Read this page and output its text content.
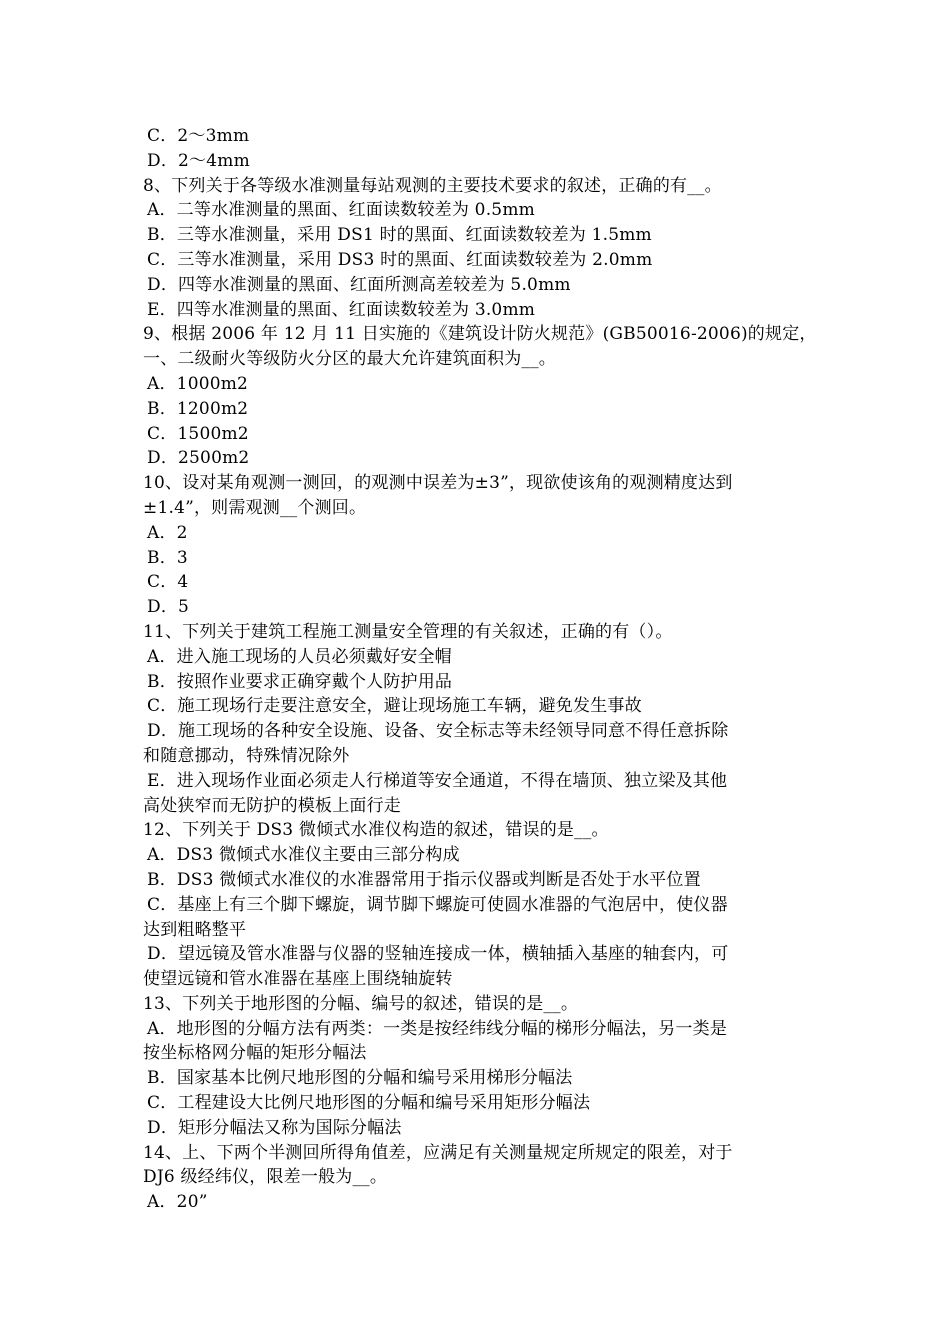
C．2～3mm
D．2～4mm
8、下列关于各等级水准测量每站观测的主要技术要求的叙述，正确的有__。
A．二等水准测量的黑面、红面读数较差为 0.5mm
B．三等水准测量，采用 DS1 时的黑面、红面读数较差为 1.5mm
C．三等水准测量，采用 DS3 时的黑面、红面读数较差为 2.0mm
D．四等水准测量的黑面、红面所测高差较差为 5.0mm
E．四等水准测量的黑面、红面读数较差为 3.0mm
9、根据 2006 年 12 月 11 日实施的《建筑设计防火规范》(GB50016-2006)的规定，
一、二级耐火等级防火分区的最大允许建筑面积为__。
A．1000m2
B．1200m2
C．1500m2
D．2500m2
10、设对某角观测一测回，的观测中误差为±3”，现欲使该角的观测精度达到
±1.4”，则需观测__个测回。
A．2
B．3
C．4
D．5
11、下列关于建筑工程施工测量安全管理的有关叙述，正确的有（）。
A．进入施工现场的人员必须戴好安全帽
B．按照作业要求正确穿戴个人防护用品
C．施工现场行走要注意安全，避让现场施工车辆，避免发生事故
D．施工现场的各种安全设施、设备、安全标志等未经领导同意不得任意拆除
和随意挪动，特殊情况除外
E．进入现场作业面必须走人行梯道等安全通道，不得在墙顶、独立梁及其他
高处狭窄而无防护的模板上面行走
12、下列关于 DS3 微倾式水准仪构造的叙述，错误的是__。
A．DS3 微倾式水准仪主要由三部分构成
B．DS3 微倾式水准仪的水准器常用于指示仪器或判断是否处于水平位置
C．基座上有三个脚下螺旋，调节脚下螺旋可使圆水准器的气泡居中，使仪器
达到粗略整平
D．望远镜及管水准器与仪器的竖轴连接成一体，横轴插入基座的轴套内，可
使望远镜和管水准器在基座上围绕轴旋转
13、下列关于地形图的分幅、编号的叙述，错误的是__。
A．地形图的分幅方法有两类：一类是按经纬线分幅的梯形分幅法，另一类是
按坐标格网分幅的矩形分幅法
B．国家基本比例尺地形图的分幅和编号采用梯形分幅法
C．工程建设大比例尺地形图的分幅和编号采用矩形分幅法
D．矩形分幅法又称为国际分幅法
14、上、下两个半测回所得角值差，应满足有关测量规定所规定的限差，对于
DJ6 级经纬仪，限差一般为__。
A．20”
